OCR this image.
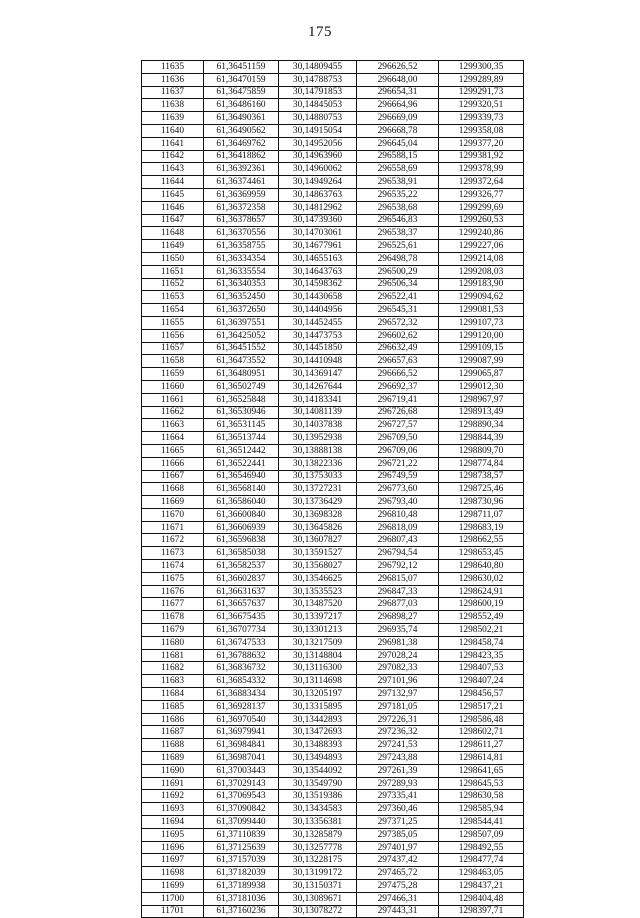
175
11635	61,36451159	30,14809455	296626,52	1299300,35
11636	61,36470159	30,14788753	296648,00	1299289,89
11637	61,36475859	30,14791853	296654,31	1299291,73
11638	61,36486160	30,14845053	296664,96	1299320,51
11639	61,36490361	30,14880753	296669,09	1299339,73
11640	61,36490562	30,14915054	296668,78	1299358,08
11641	61,36469762	30,14952056	296645,04	1299377,20
11642	61,36418862	30,14963960	296588,15	1299381,92
11643	61,36392361	30,14960062	296558,69	1299378,99
11644	61,36374461	30,14949264	296538,91	1299372,64
11645	61,36369959	30,14863763	296535,22	1299326,77
11646	61,36372358	30,14812962	296538,68	1299299,69
11647	61,36378657	30,14739360	296546,83	1299260,53
11648	61,36370556	30,14703061	296538,37	1299240,86
11649	61,36358755	30,14677961	296525,61	1299227,06
11650	61,36334354	30,14655163	296498,78	1299214,08
11651	61,36335554	30,14643763	296500,29	1299208,03
11652	61,36340353	30,14598362	296506,34	1299183,90
11653	61,36352450	30,14430658	296522,41	1299094,62
11654	61,36372650	30,14404956	296545,31	1299081,53
11655	61,36397551	30,14452455	296572,32	1299107,73
11656	61,36425052	30,14473753	296602,62	1299120,00
11657	61,36451552	30,14451850	296632,49	1299109,15
11658	61,36473552	30,14410948	296657,63	1299087,99
11659	61,36480951	30,14369147	296666,52	1299065,87
11660	61,36502749	30,14267644	296692,37	1299012,30
11661	61,36525848	30,14183341	296719,41	1298967,97
11662	61,36530946	30,14081139	296726,68	1298913,49
11663	61,36531145	30,14037838	296727,57	1298890,34
11664	61,36513744	30,13952938	296709,50	1298844,39
11665	61,36512442	30,13888138	296709,06	1298809,70
11666	61,36522441	30,13822336	296721,22	1298774,84
11667	61,36546940	30,13753033	296749,59	1298738,57
11668	61,36568140	30,13727231	296773,60	1298725,46
11669	61,36586040	30,13736429	296793,40	1298730,96
11670	61,36600840	30,13698328	296810,48	1298711,07
11671	61,36606939	30,13645826	296818,09	1298683,19
11672	61,36596838	30,13607827	296807,43	1298662,55
11673	61,36585038	30,13591527	296794,54	1298653,45
11674	61,36582537	30,13568027	296792,12	1298640,80
11675	61,36602837	30,13546625	296815,07	1298630,02
11676	61,36631637	30,13535523	296847,33	1298624,91
11677	61,36657637	30,13487520	296877,03	1298600,19
11678	61,36675435	30,13397217	296898,27	1298552,49
11679	61,36707734	30,13301213	296935,74	1298502,21
11680	61,36747533	30,13217509	296981,38	1298458,74
11681	61,36788632	30,13148804	297028,24	1298423,35
11682	61,36836732	30,13116300	297082,33	1298407,53
11683	61,36854332	30,13114698	297101,96	1298407,24
11684	61,36883434	30,13205197	297132,97	1298456,57
11685	61,36928137	30,13315895	297181,05	1298517,21
11686	61,36970540	30,13442893	297226,31	1298586,48
11687	61,36979941	30,13472693	297236,32	1298602,71
11688	61,36984841	30,13488393	297241,53	1298611,27
11689	61,36987041	30,13494893	297243,88	1298614,81
11690	61,37003443	30,13544092	297261,39	1298641,65
11691	61,37029143	30,13549790	297289,93	1298645,53
11692	61,37069543	30,13519386	297335,41	1298630,58
11693	61,37090842	30,13434583	297360,46	1298585,94
11694	61,37099440	30,13356381	297371,25	1298544,41
11695	61,37110839	30,13285879	297385,05	1298507,09
11696	61,37125639	30,13257778	297401,97	1298492,55
11697	61,37157039	30,13228175	297437,42	1298477,74
11698	61,37182039	30,13199172	297465,72	1298463,05
11699	61,37189938	30,13150371	297475,28	1298437,21
11700	61,37181036	30,13089671	297466,31	1298404,48
11701	61,37160236	30,13078272	297443,31	1298397,71
